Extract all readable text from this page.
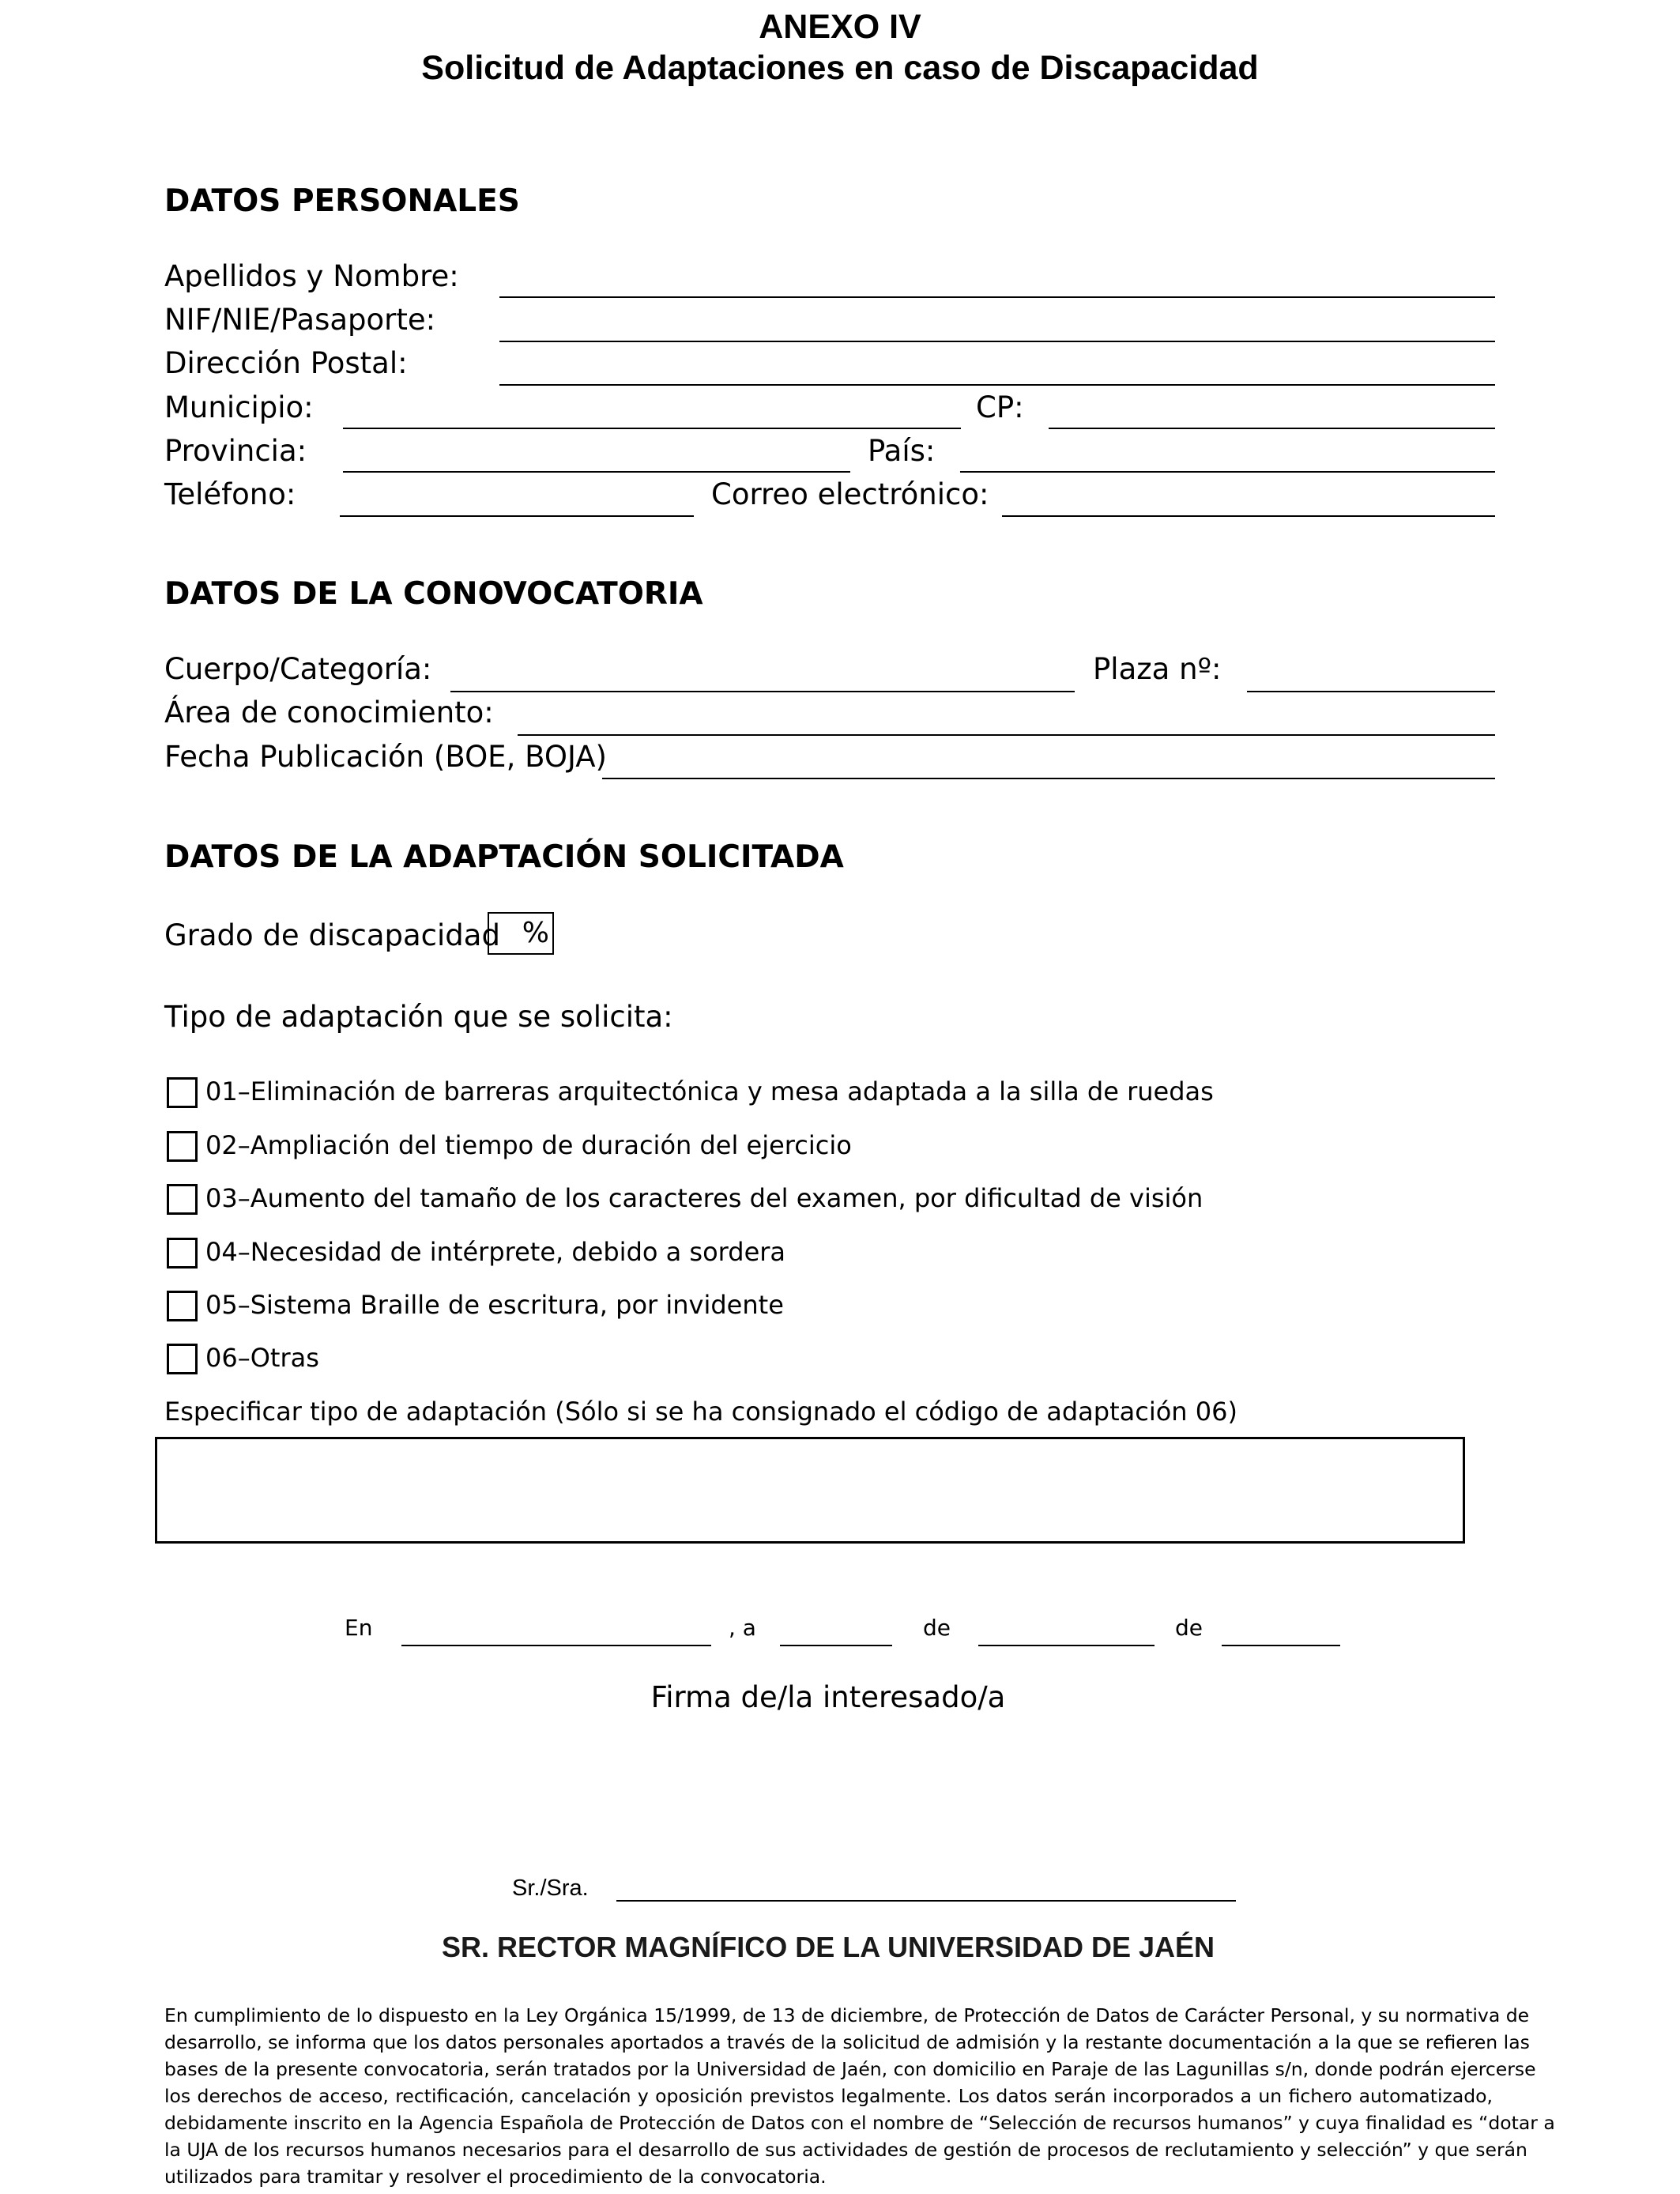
ANEXO IV
Solicitud de Adaptaciones en caso de Discapacidad
DATOS PERSONALES
Apellidos y Nombre:
NIF/NIE/Pasaporte:
Dirección Postal:
Municipio:	CP:
Provincia:	País:
Teléfono:	Correo electrónico:
DATOS DE LA CONOVOCATORIA
Cuerpo/Categoría:	Plaza nº:
Área de conocimiento:
Fecha Publicación (BOE, BOJA)
DATOS DE LA ADAPTACIÓN SOLICITADA
Grado de discapacidad %
Tipo de adaptación que se solicita:
01–Eliminación de barreras arquitectónica y mesa adaptada a la silla de ruedas
02–Ampliación del tiempo de duración del ejercicio
03–Aumento del tamaño de los caracteres del examen, por dificultad de visión
04–Necesidad de intérprete, debido a sordera
05–Sistema Braille de escritura, por invidente
06–Otras
Especificar tipo de adaptación (Sólo si se ha consignado el código de adaptación 06)
En	, a	de	de
Firma de/la interesado/a
Sr./Sra.
SR. RECTOR MAGNÍFICO DE LA UNIVERSIDAD DE JAÉN
En cumplimiento de lo dispuesto en la Ley Orgánica 15/1999, de 13 de diciembre, de Protección de Datos de Carácter Personal, y su normativa de
desarrollo, se informa que los datos personales aportados a través de la solicitud de admisión y la restante documentación a la que se refieren las
bases de la presente convocatoria, serán tratados por la Universidad de Jaén, con domicilio en Paraje de las Lagunillas s/n, donde podrán ejercerse
los derechos de acceso, rectificación, cancelación y oposición previstos legalmente. Los datos serán incorporados a un fichero automatizado,
debidamente inscrito en la Agencia Española de Protección de Datos con el nombre de “Selección de recursos humanos” y cuya finalidad es “dotar a
la UJA de los recursos humanos necesarios para el desarrollo de sus actividades de gestión de procesos de reclutamiento y selección” y que serán
utilizados para tramitar y resolver el procedimiento de la convocatoria.
